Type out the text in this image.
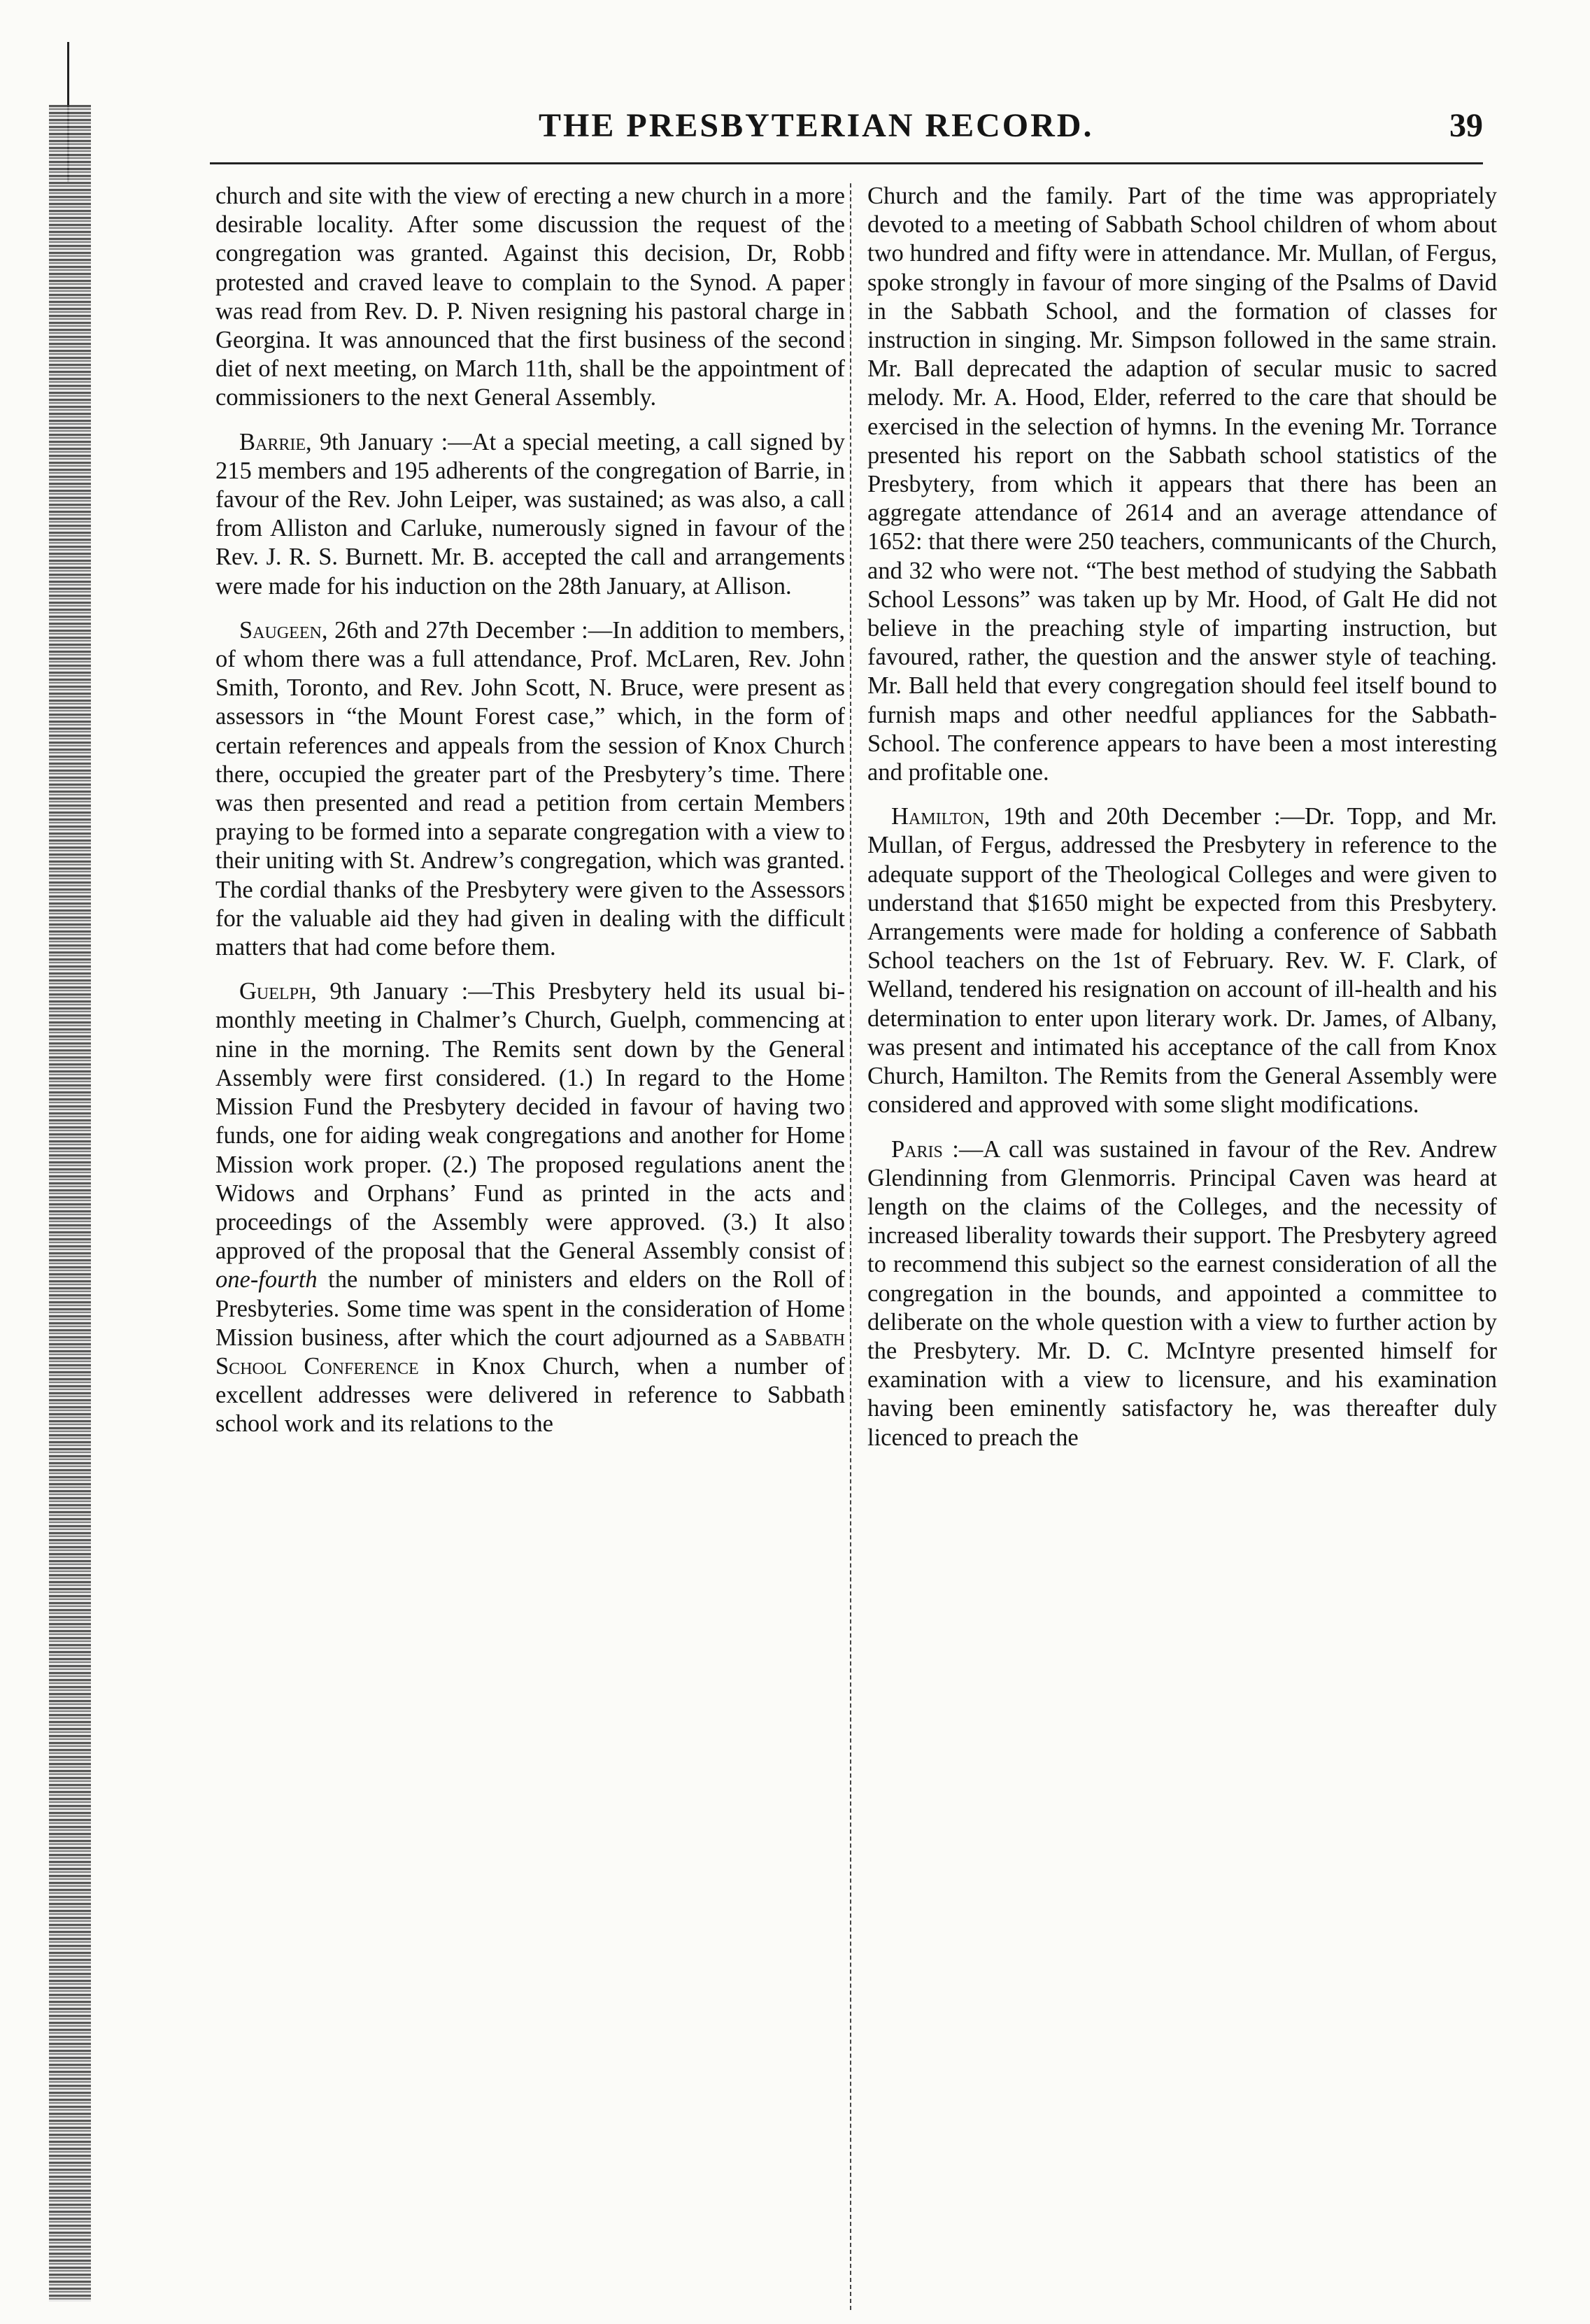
THE PRESBYTERIAN RECORD.	39

church and site with the view of erecting a new church in a more desirable locality. After some discussion the request of the congregation was granted. Against this decision, Dr, Robb protested and craved leave to complain to the Synod. A paper was read from Rev. D. P. Niven resigning his pastoral charge in Georgina. It was announced that the first business of the second diet of next meeting, on March 11th, shall be the appointment of commissioners to the next General Assembly.

Barrie, 9th January :—At a special meeting, a call signed by 215 members and 195 adherents of the congregation of Barrie, in favour of the Rev. John Leiper, was sustained; as was also, a call from Alliston and Carluke, numerously signed in favour of the Rev. J. R. S. Burnett. Mr. B. accepted the call and arrangements were made for his induction on the 28th January, at Allison.

Saugeen, 26th and 27th December :—In addition to members, of whom there was a full attendance, Prof. McLaren, Rev. John Smith, Toronto, and Rev. John Scott, N. Bruce, were present as assessors in “the Mount Forest case,” which, in the form of certain references and appeals from the session of Knox Church there, occupied the greater part of the Presbytery’s time. There was then presented and read a petition from certain Members praying to be formed into a separate congregation with a view to their uniting with St. Andrew’s congregation, which was granted. The cordial thanks of the Presbytery were given to the Assessors for the valuable aid they had given in dealing with the difficult matters that had come before them.

Guelph, 9th January :—This Presbytery held its usual bi-monthly meeting in Chalmer’s Church, Guelph, commencing at nine in the morning. The Remits sent down by the General Assembly were first considered. (1.) In regard to the Home Mission Fund the Presbytery decided in favour of having two funds, one for aiding weak congregations and another for Home Mission work proper. (2.) The proposed regulations anent the Widows and Orphans’ Fund as printed in the acts and proceedings of the Assembly were approved. (3.) It also approved of the proposal that the General Assembly consist of one-fourth the number of ministers and elders on the Roll of Presbyteries. Some time was spent in the consideration of Home Mission business, after which the court adjourned as a Sabbath School Conference in Knox Church, when a number of excellent addresses were delivered in reference to Sabbath school work and its relations to the

Church and the family. Part of the time was appropriately devoted to a meeting of Sabbath School children of whom about two hundred and fifty were in attendance. Mr. Mullan, of Fergus, spoke strongly in favour of more singing of the Psalms of David in the Sabbath School, and the formation of classes for instruction in singing. Mr. Simpson followed in the same strain. Mr. Ball deprecated the adaption of secular music to sacred melody. Mr. A. Hood, Elder, referred to the care that should be exercised in the selection of hymns. In the evening Mr. Torrance presented his report on the Sabbath school statistics of the Presbytery, from which it appears that there has been an aggregate attendance of 2614 and an average attendance of 1652: that there were 250 teachers, communicants of the Church, and 32 who were not. “The best method of studying the Sabbath School Lessons” was taken up by Mr. Hood, of Galt He did not believe in the preaching style of imparting instruction, but favoured, rather, the question and the answer style of teaching. Mr. Ball held that every congregation should feel itself bound to furnish maps and other needful appliances for the Sabbath-School. The conference appears to have been a most interesting and profitable one.

Hamilton, 19th and 20th December :—Dr. Topp, and Mr. Mullan, of Fergus, addressed the Presbytery in reference to the adequate support of the Theological Colleges and were given to understand that $1650 might be expected from this Presbytery. Arrangements were made for holding a conference of Sabbath School teachers on the 1st of February. Rev. W. F. Clark, of Welland, tendered his resignation on account of ill-health and his determination to enter upon literary work. Dr. James, of Albany, was present and intimated his acceptance of the call from Knox Church, Hamilton. The Remits from the General Assembly were considered and approved with some slight modifications.

Paris :—A call was sustained in favour of the Rev. Andrew Glendinning from Glenmorris. Principal Caven was heard at length on the claims of the Colleges, and the necessity of increased liberality towards their support. The Presbytery agreed to recommend this subject so the earnest consideration of all the congregation in the bounds, and appointed a committee to deliberate on the whole question with a view to further action by the Presbytery. Mr. D. C. McIntyre presented himself for examination with a view to licensure, and his examination having been eminently satisfactory he, was thereafter duly licenced to preach the
